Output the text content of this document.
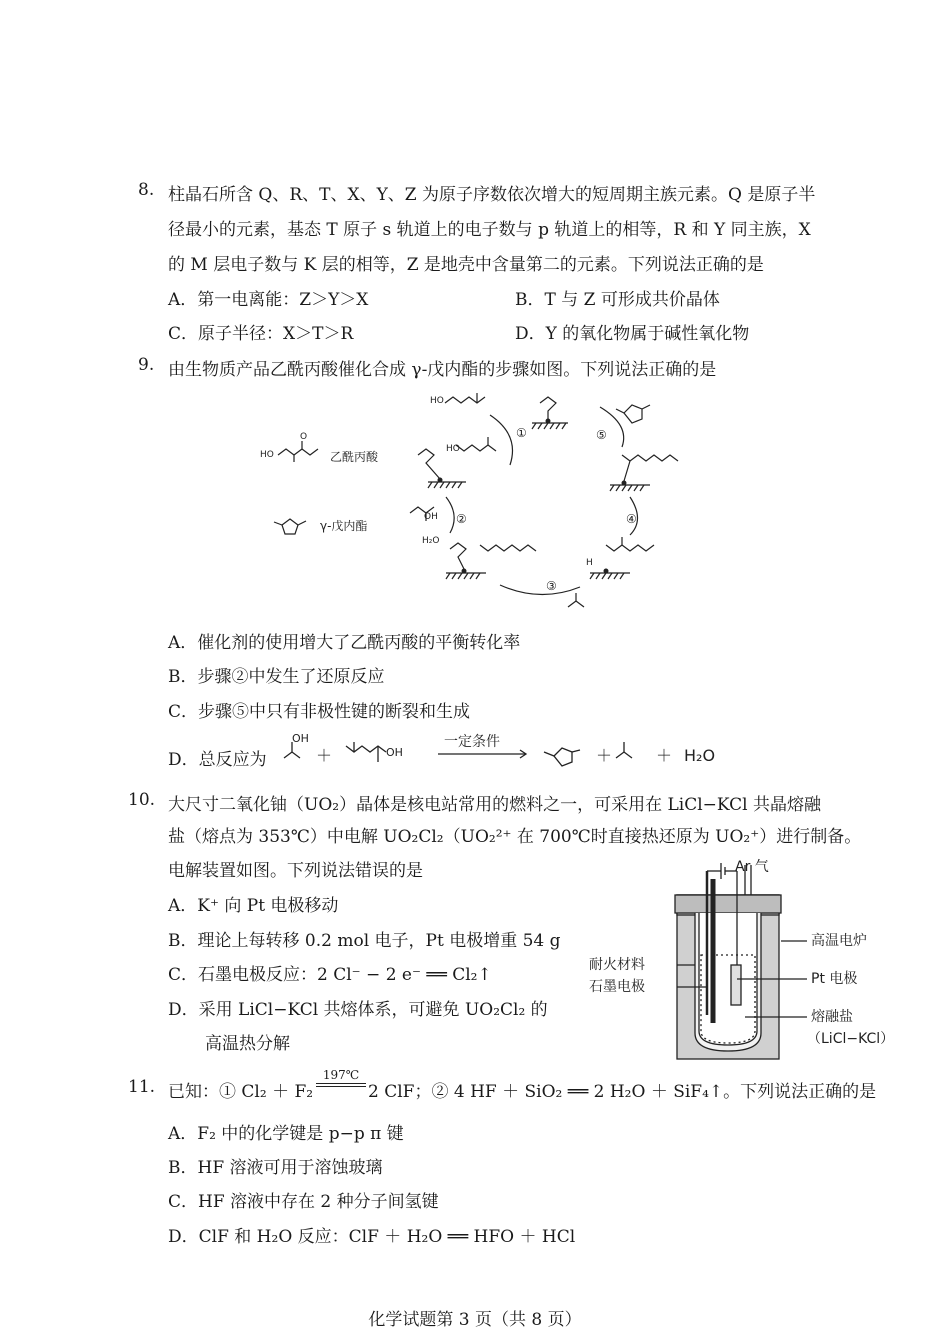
8. 柱晶石所含 Q、R、T、X、Y、Z 为原子序数依次增大的短周期主族元素。Q 是原子半
径最小的元素，基态 T 原子 s 轨道上的电子数与 p 轨道上的相等，R 和 Y 同主族，X
的 M 层电子数与 K 层的相等，Z 是地壳中含量第二的元素。下列说法正确的是
A．第一电离能：Z＞Y＞X	B．T 与 Z 可形成共价晶体
C．原子半径：X＞T＞R	D．Y 的氧化物属于碱性氧化物
9. 由生物质产品乙酰丙酸催化合成 γ-戊内酯的步骤如图。下列说法正确的是
HO
O
HO
HO
OH
H₂O
H
乙酰丙酸
γ-戊内酯
①
②
③
④
⑤
A．催化剂的使用增大了乙酰丙酸的平衡转化率
B．步骤②中发生了还原反应
C．步骤⑤中只有非极性键的断裂和生成
D．总反应为
OH
OH
＋
一定条件
＋	＋ H₂O
10. 大尺寸二氧化铀（UO₂）晶体是核电站常用的燃料之一，可采用在 LiCl−KCl 共晶熔融
盐（熔点为 353℃）中电解 UO₂Cl₂（UO₂²⁺ 在 700℃时直接热还原为 UO₂⁺）进行制备。
电解装置如图。下列说法错误的是
A．K⁺ 向 Pt 电极移动
B．理论上每转移 0.2 mol 电子，Pt 电极增重 54 g
C．石墨电极反应：2 Cl⁻ − 2 e⁻ ══ Cl₂↑
D．采用 LiCl−KCl 共熔体系，可避免 UO₂Cl₂ 的
高温热分解
Ar 气
高温电炉
耐火材料
Pt 电极
石墨电极
熔融盐
（LiCl−KCl）
11. 已知：① Cl₂ ＋ F₂
197℃
2 ClF；② 4 HF ＋ SiO₂ ══ 2 H₂O ＋ SiF₄↑。下列说法正确的是
A．F₂ 中的化学键是 p−p π 键
B．HF 溶液可用于溶蚀玻璃
C．HF 溶液中存在 2 种分子间氢键
D．ClF 和 H₂O 反应：ClF ＋ H₂O ══ HFO ＋ HCl
化学试题第 3 页（共 8 页）
